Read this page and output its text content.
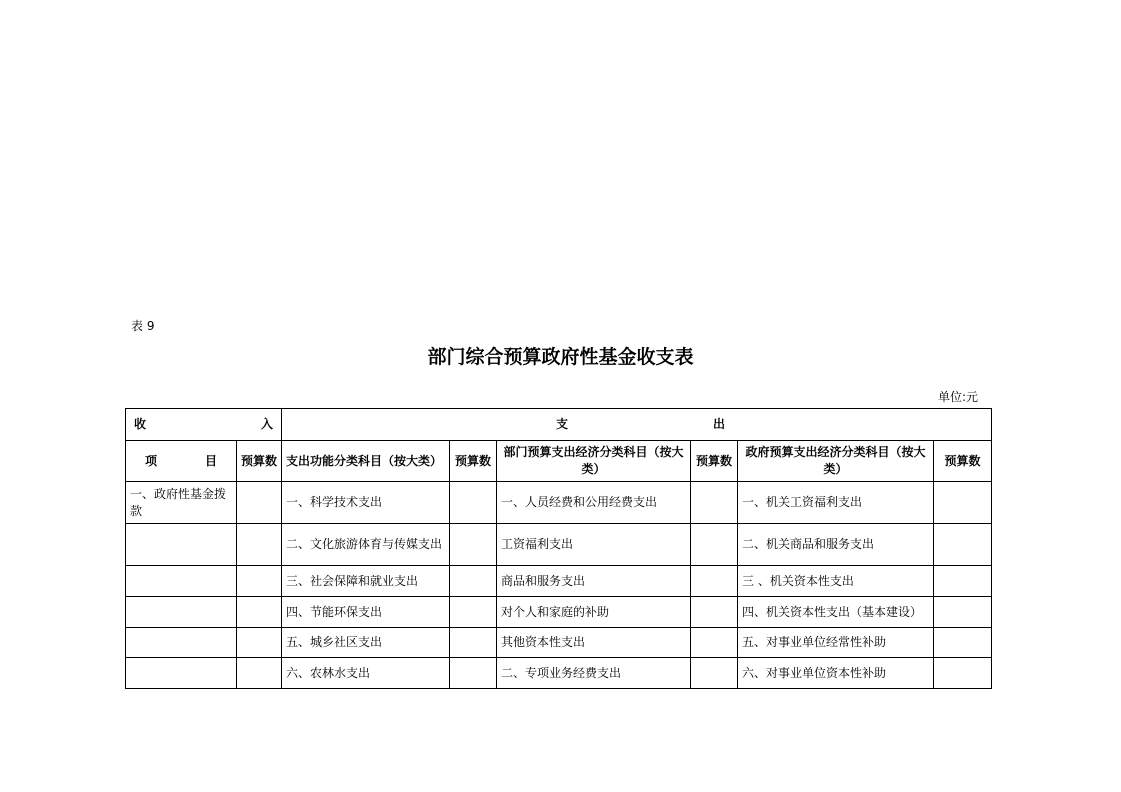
表 9
部门综合预算政府性基金收支表
单位:元
收 入		支 出					

项　目	预算数	支出功能分类科目（按大类）	预算数	部门预算支出经济分类科目（按大类）	预算数	政府预算支出经济分类科目（按大类）	预算数
一、政府性基金拨款		一、科学技术支出		一、人员经费和公用经费支出		一、机关工资福利支出	
		二、文化旅游体育与传媒支出		工资福利支出		二、机关商品和服务支出	
		三、社会保障和就业支出		商品和服务支出		三 、机关资本性支出	
		四、节能环保支出		对个人和家庭的补助		四、机关资本性支出（基本建设）	
		五、城乡社区支出		其他资本性支出		五、对事业单位经常性补助	
		六、农林水支出		二、专项业务经费支出		六、对事业单位资本性补助	
